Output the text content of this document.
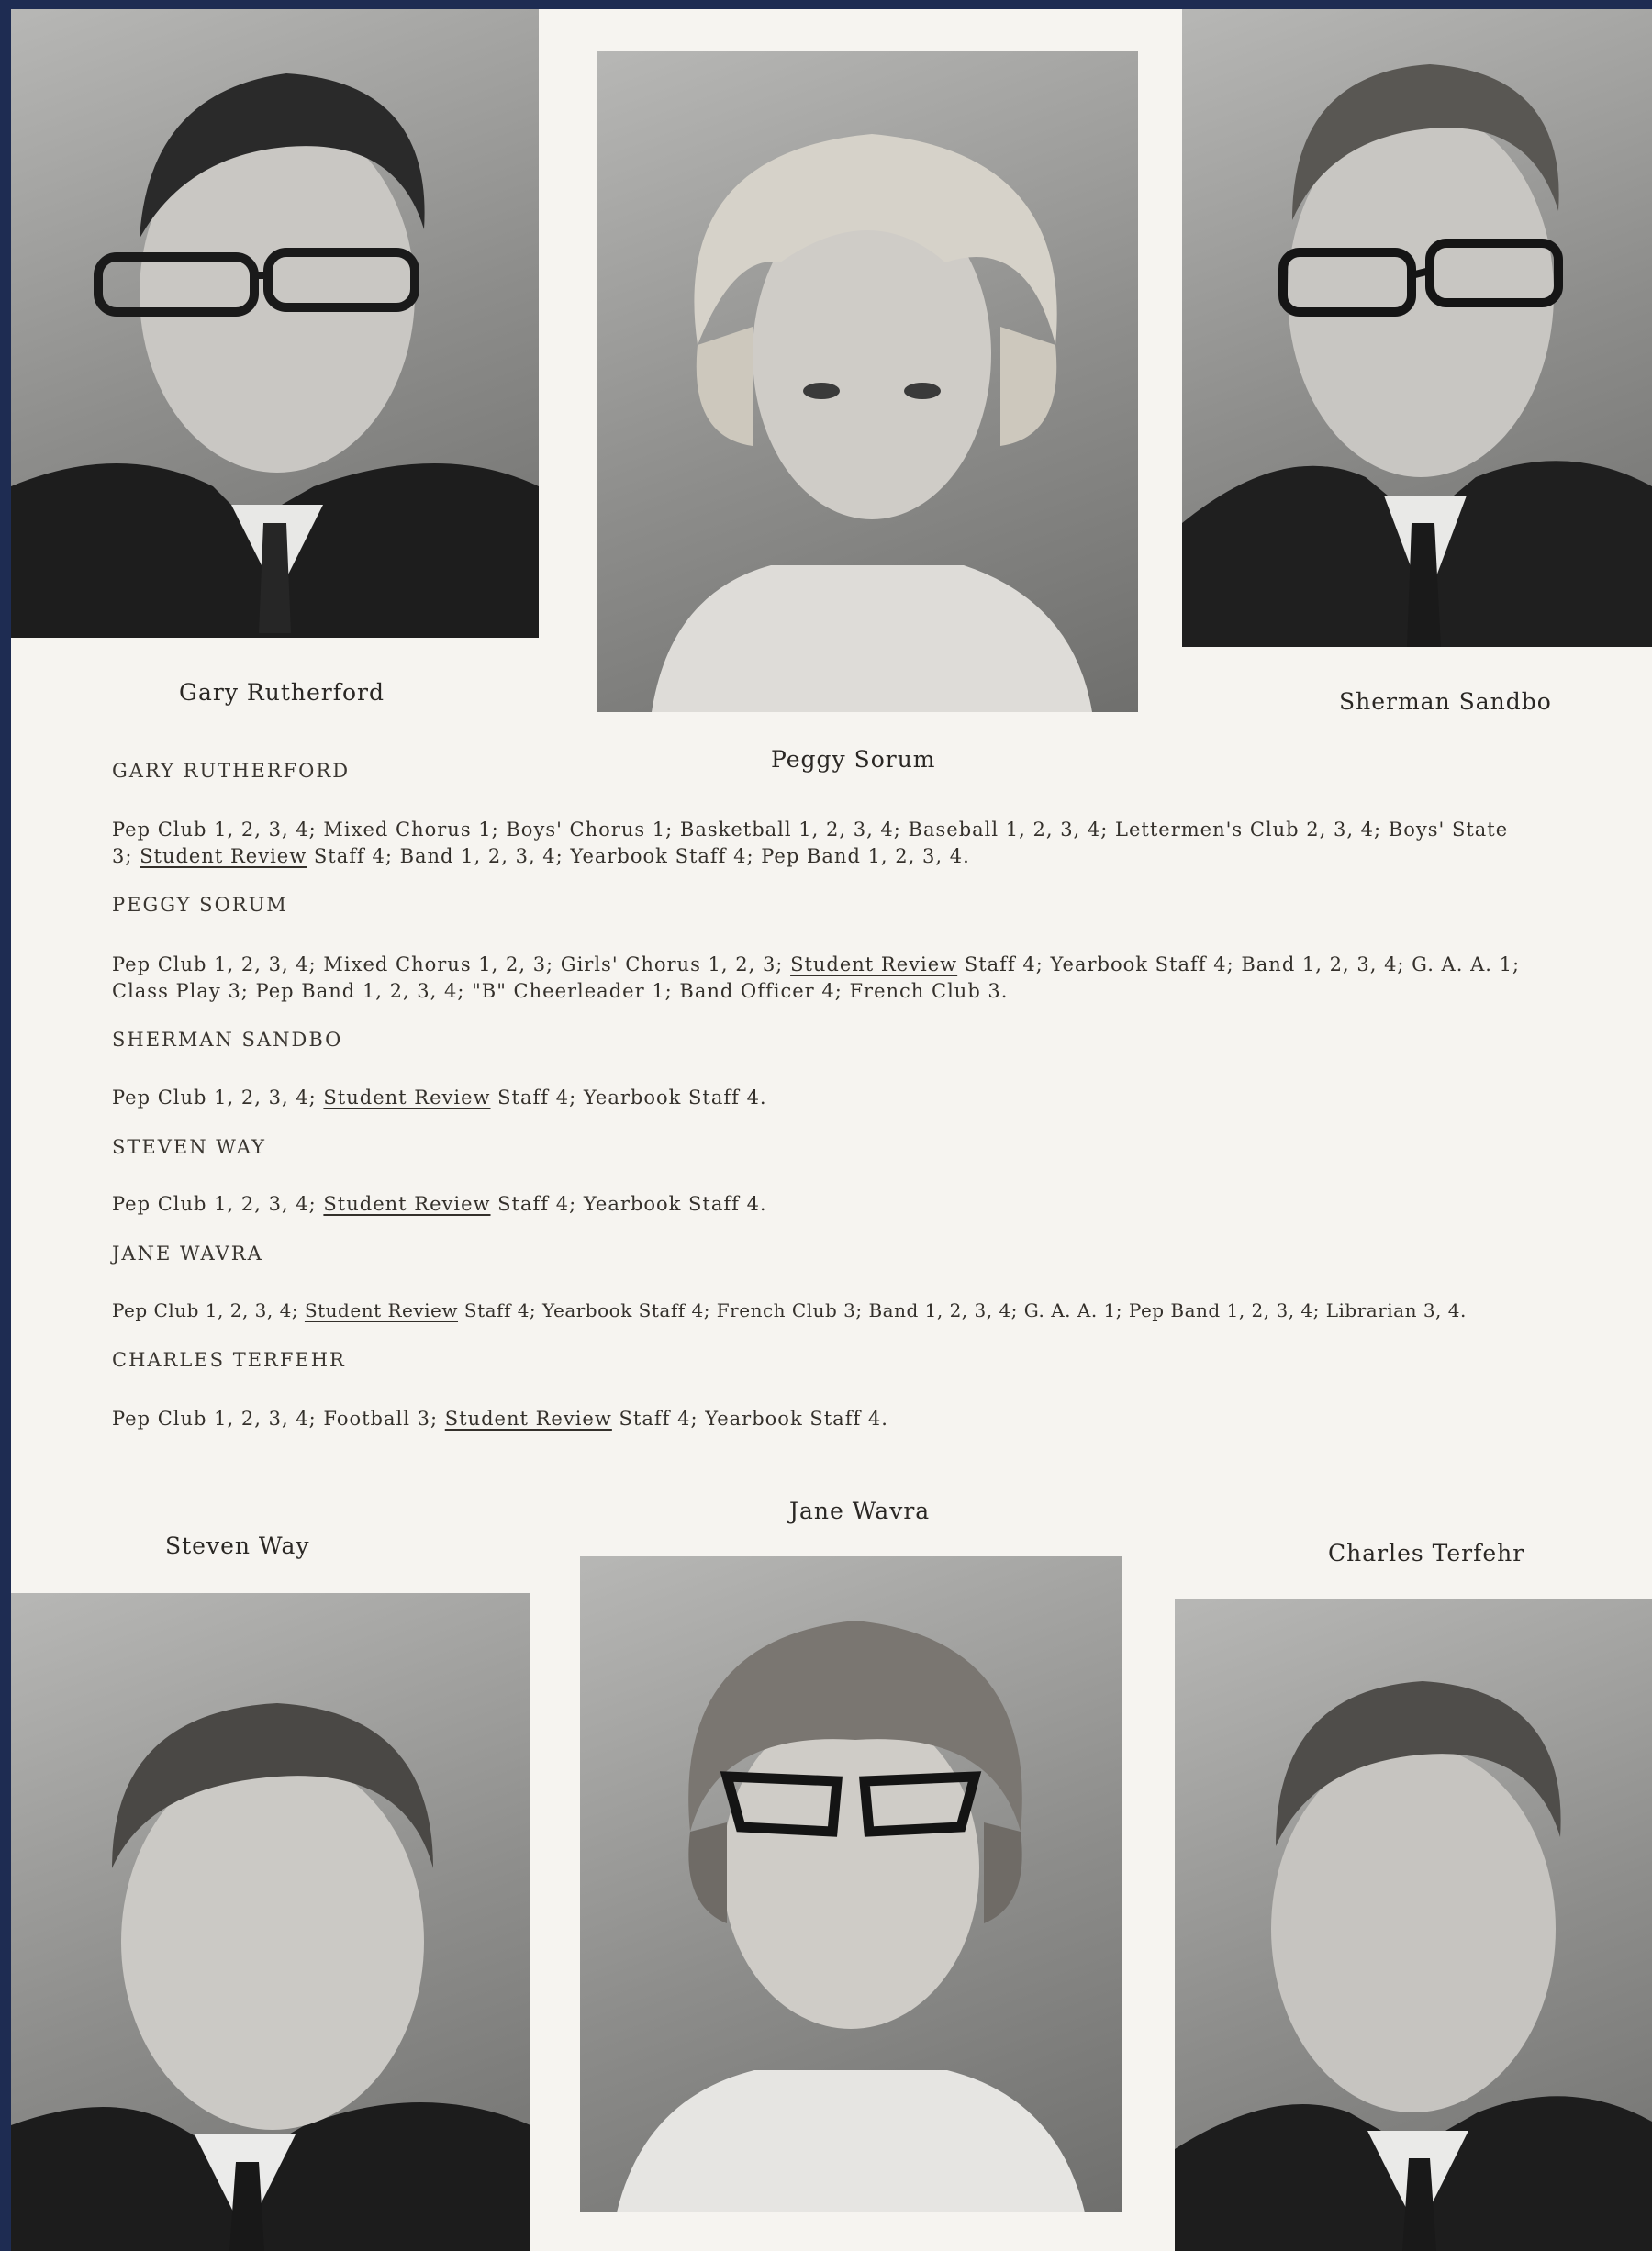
Gary Rutherford
Peggy Sorum
Sherman Sandbo
GARY RUTHERFORD
Pep Club 1, 2, 3, 4; Mixed Chorus 1; Boys' Chorus 1; Basketball 1, 2, 3, 4; Baseball 1, 2, 3, 4; Lettermen's Club 2, 3, 4; Boys' State
3; Student Review Staff 4; Band 1, 2, 3, 4; Yearbook Staff 4; Pep Band 1, 2, 3, 4.
PEGGY SORUM
Pep Club 1, 2, 3, 4; Mixed Chorus 1, 2, 3; Girls' Chorus 1, 2, 3; Student Review Staff 4; Yearbook Staff 4; Band 1, 2, 3, 4; G. A. A. 1;
Class Play 3; Pep Band 1, 2, 3, 4; "B" Cheerleader 1; Band Officer 4; French Club 3.
SHERMAN SANDBO
Pep Club 1, 2, 3, 4; Student Review Staff 4; Yearbook Staff 4.
STEVEN WAY
Pep Club 1, 2, 3, 4; Student Review Staff 4; Yearbook Staff 4.
JANE WAVRA
Pep Club 1, 2, 3, 4; Student Review Staff 4; Yearbook Staff 4; French Club 3; Band 1, 2, 3, 4; G. A. A. 1; Pep Band 1, 2, 3, 4; Librarian 3, 4.
CHARLES TERFEHR
Pep Club 1, 2, 3, 4; Football 3; Student Review Staff 4; Yearbook Staff 4.
Steven Way
Jane Wavra
Charles Terfehr
